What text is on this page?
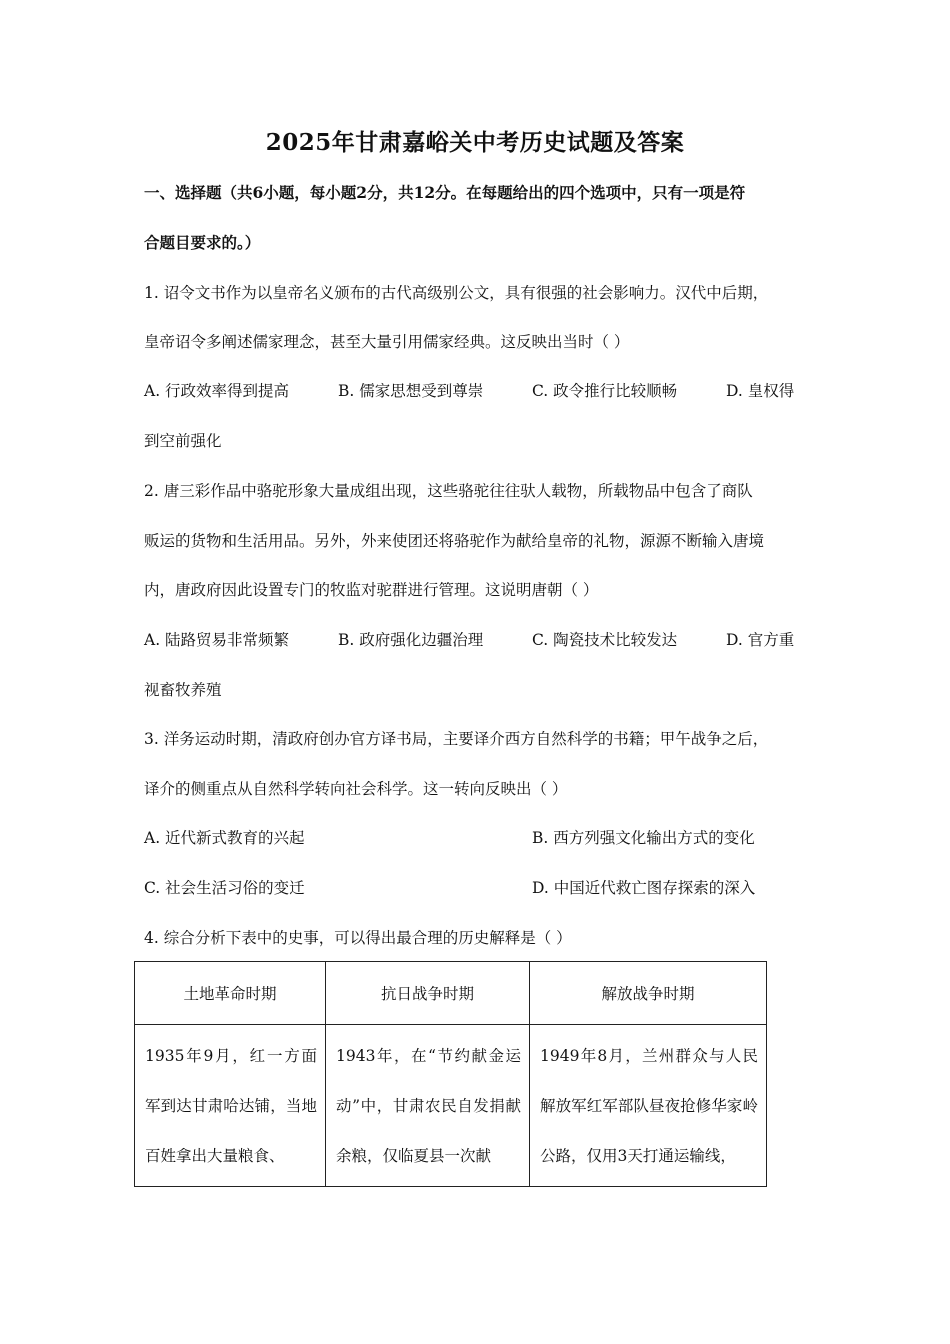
2025年甘肃嘉峪关中考历史试题及答案
一、选择题（共6小题，每小题2分，共12分。在每题给出的四个选项中，只有一项是符
合题目要求的。）
1. 诏令文书作为以皇帝名义颁布的古代高级别公文，具有很强的社会影响力。汉代中后期，
皇帝诏令多阐述儒家理念，甚至大量引用儒家经典。这反映出当时（ ）
A. 行政效率得到提高	B. 儒家思想受到尊崇	C. 政令推行比较顺畅	D. 皇权得
到空前强化
2. 唐三彩作品中骆驼形象大量成组出现，这些骆驼往往驮人载物，所载物品中包含了商队
贩运的货物和生活用品。另外，外来使团还将骆驼作为献给皇帝的礼物，源源不断输入唐境
内，唐政府因此设置专门的牧监对驼群进行管理。这说明唐朝（ ）
A. 陆路贸易非常频繁	B. 政府强化边疆治理	C. 陶瓷技术比较发达	D. 官方重
视畜牧养殖
3. 洋务运动时期，清政府创办官方译书局，主要译介西方自然科学的书籍；甲午战争之后，
译介的侧重点从自然科学转向社会科学。这一转向反映出（ ）
A. 近代新式教育的兴起	B. 西方列强文化输出方式的变化
C. 社会生活习俗的变迁	D. 中国近代救亡图存探索的深入
4. 综合分析下表中的史事，可以得出最合理的历史解释是（ ）
土地革命时期	抗日战争时期	解放战争时期

1935年9月，红一方面军到达甘肃哈达铺，当地百姓拿出大量粮食、	1943年，在“节约献金运动”中，甘肃农民自发捐献余粮，仅临夏县一次献	1949年8月，兰州群众与人民解放军红军部队昼夜抢修华家岭公路，仅用3天打通运输线，
